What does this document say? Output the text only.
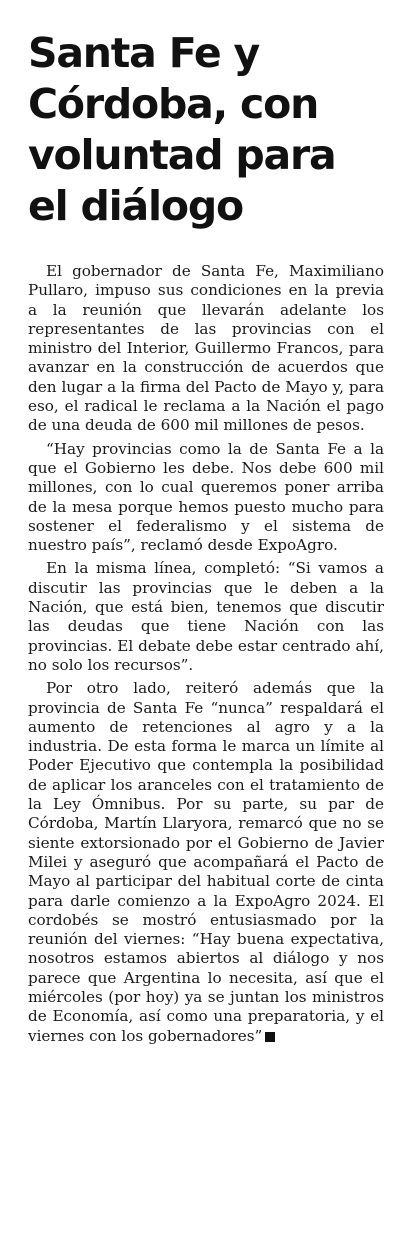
Santa Fe y Córdoba, con voluntad para el diálogo

El gobernador de Santa Fe, Maximiliano Pullaro, impuso sus condiciones en la previa a la reunión que llevarán adelante los representantes de las provincias con el ministro del Interior, Guillermo Francos, para avanzar en la construcción de acuerdos que den lugar a la firma del Pacto de Mayo y, para eso, el radical le reclama a la Nación el pago de una deuda de 600 mil millones de pesos.

“Hay provincias como la de Santa Fe a la que el Gobierno les debe. Nos debe 600 mil millones, con lo cual queremos poner arriba de la mesa porque hemos puesto mucho para sostener el federalismo y el sistema de nuestro país”, reclamó desde ExpoAgro.

En la misma línea, completó: “Si vamos a discutir las provincias que le deben a la Nación, que está bien, tenemos que discutir las deudas que tiene Nación con las provincias. El debate debe estar centrado ahí, no solo los recursos”.

Por otro lado, reiteró además que la provincia de Santa Fe “nunca” respaldará el aumento de retenciones al agro y a la industria. De esta forma le marca un límite al Poder Ejecutivo que contempla la posibilidad de aplicar los aranceles con el tratamiento de la Ley Ómnibus. Por su parte, su par de Córdoba, Martín Llaryora, remarcó que no se siente extorsionado por el Gobierno de Javier Milei y aseguró que acompañará el Pacto de Mayo al participar del habitual corte de cinta para darle comienzo a la ExpoAgro 2024. El cordobés se mostró entusiasmado por la reunión del viernes: “Hay buena expectativa, nosotros estamos abiertos al diálogo y nos parece que Argentina lo necesita, así que el miércoles (por hoy) ya se juntan los ministros de Economía, así como una preparatoria, y el viernes con los gobernadores”
